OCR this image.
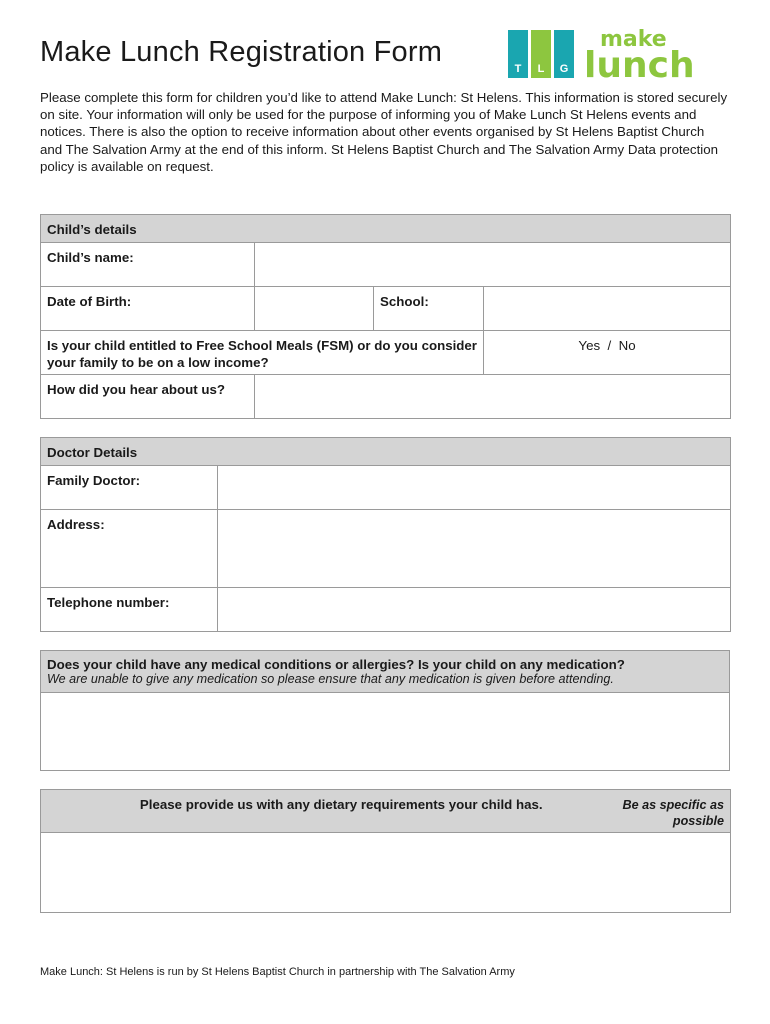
Make Lunch Registration Form
T L G
make
lunch
Please complete this form for children you’d like to attend Make Lunch: St Helens. This information is stored securely on site. Your information will only be used for the purpose of informing you of Make Lunch St Helens events and notices. There is also the option to receive information about other events organised by St Helens Baptist Church and The Salvation Army at the end of this inform. St Helens Baptist Church and The Salvation Army Data protection policy is available on request.
Child’s details			
Child’s name:			
Date of Birth:		School:	
Is your child entitled to Free School Meals (FSM) or do you consider your family to be on a low income?			Yes  /  No
How did you hear about us?			
Doctor Details	
Family Doctor:	
Address:	
Telephone number:	
Does your child have any medical conditions or allergies? Is your child on any medication?
We are unable to give any medication so please ensure that any medication is given before attending.

Please provide us with any dietary requirements your child has.	Be as specific as possible

Make Lunch: St Helens is run by St Helens Baptist Church in partnership with The Salvation Army
